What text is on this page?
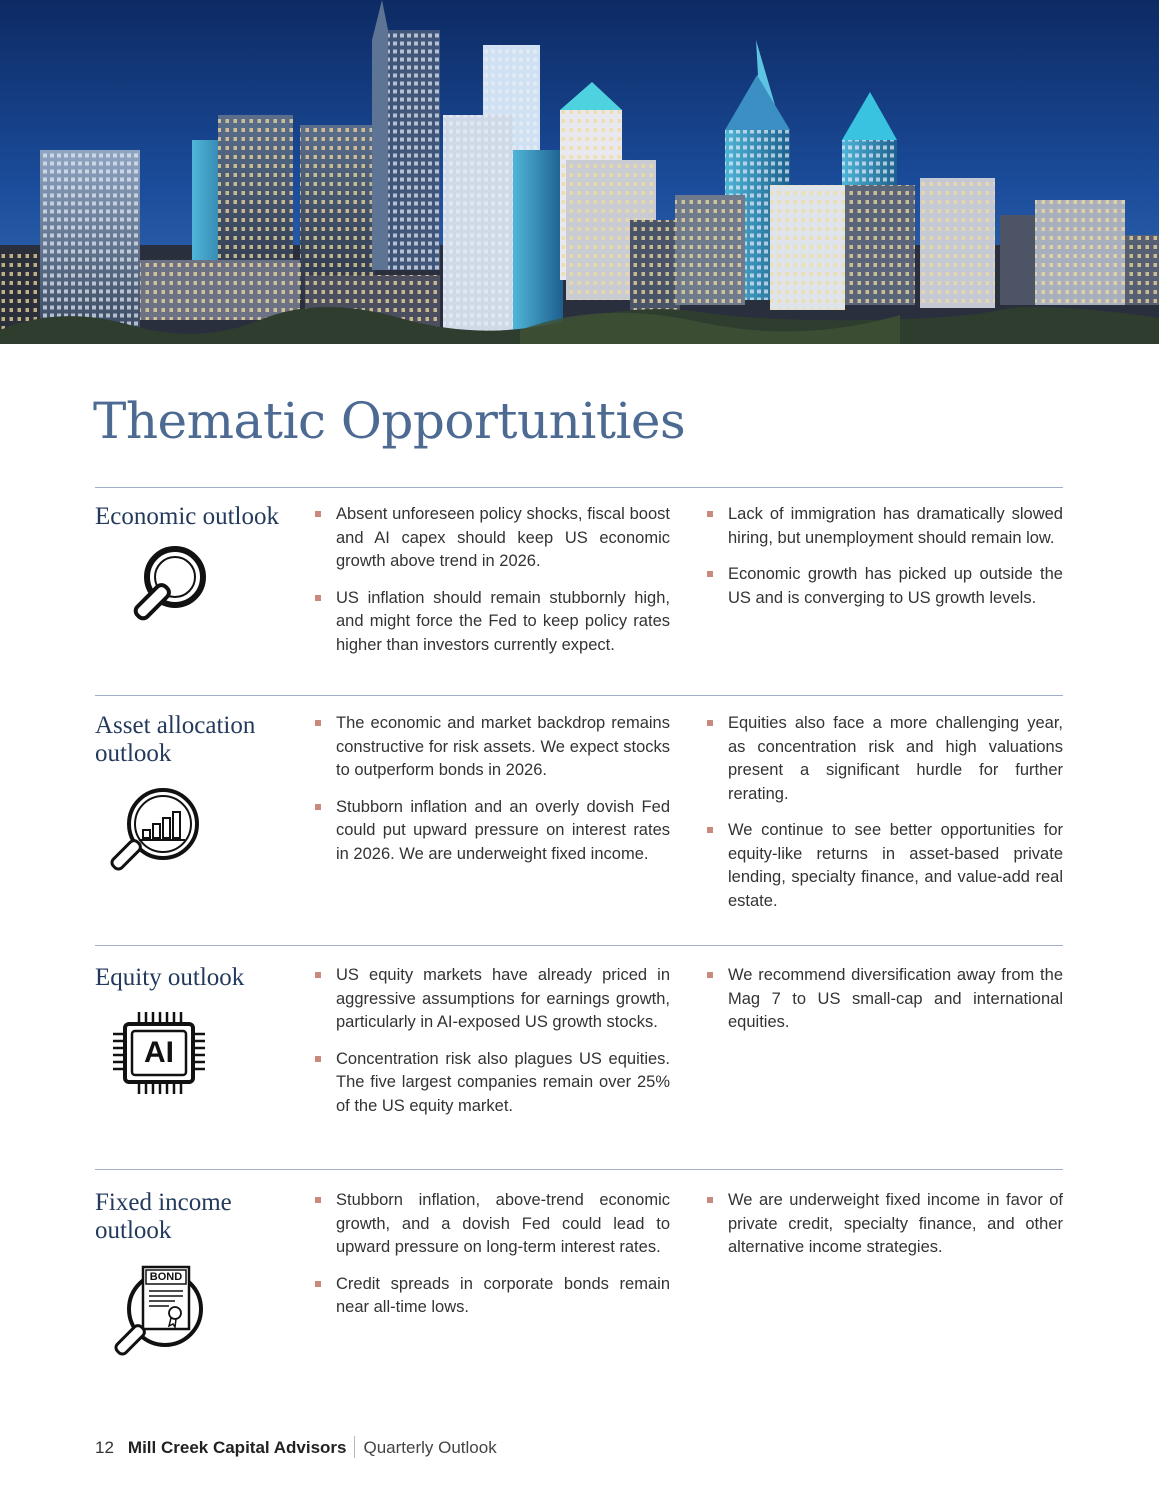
Thematic Opportunities
Economic outlook	Absent unforeseen policy shocks, fiscal boost and AI capex should keep US economic growth above trend in 2026.
US inflation should remain stubbornly high, and might force the Fed to keep policy rates higher than investors currently expect.
Lack of immigration has dramatically slowed hiring, but unemployment should remain low.
Economic growth has picked up outside the US and is converging to US growth levels.
Asset allocation outlook
The economic and market backdrop remains constructive for risk assets. We expect stocks to outperform bonds in 2026.
Stubborn inflation and an overly dovish Fed could put upward pressure on interest rates in 2026. We are underweight fixed income.
Equities also face a more challenging year, as concentration risk and high valuations present a significant hurdle for further rerating.
We continue to see better opportunities for equity-like returns in asset-based private lending, specialty finance, and value-add real estate.
Equity outlook
AI
US equity markets have already priced in aggressive assumptions for earnings growth, particularly in AI-exposed US growth stocks.
Concentration risk also plagues US equities. The five largest companies remain over 25% of the US equity market.
We recommend diversification away from the Mag 7 to US small-cap and international equities.
Fixed income outlook
BOND
Stubborn inflation, above-trend economic growth, and a dovish Fed could lead to upward pressure on long-term interest rates.
Credit spreads in corporate bonds remain near all-time lows.
We are underweight fixed income in favor of private credit, specialty finance, and other alternative income strategies.
12 Mill Creek Capital Advisors Quarterly Outlook
